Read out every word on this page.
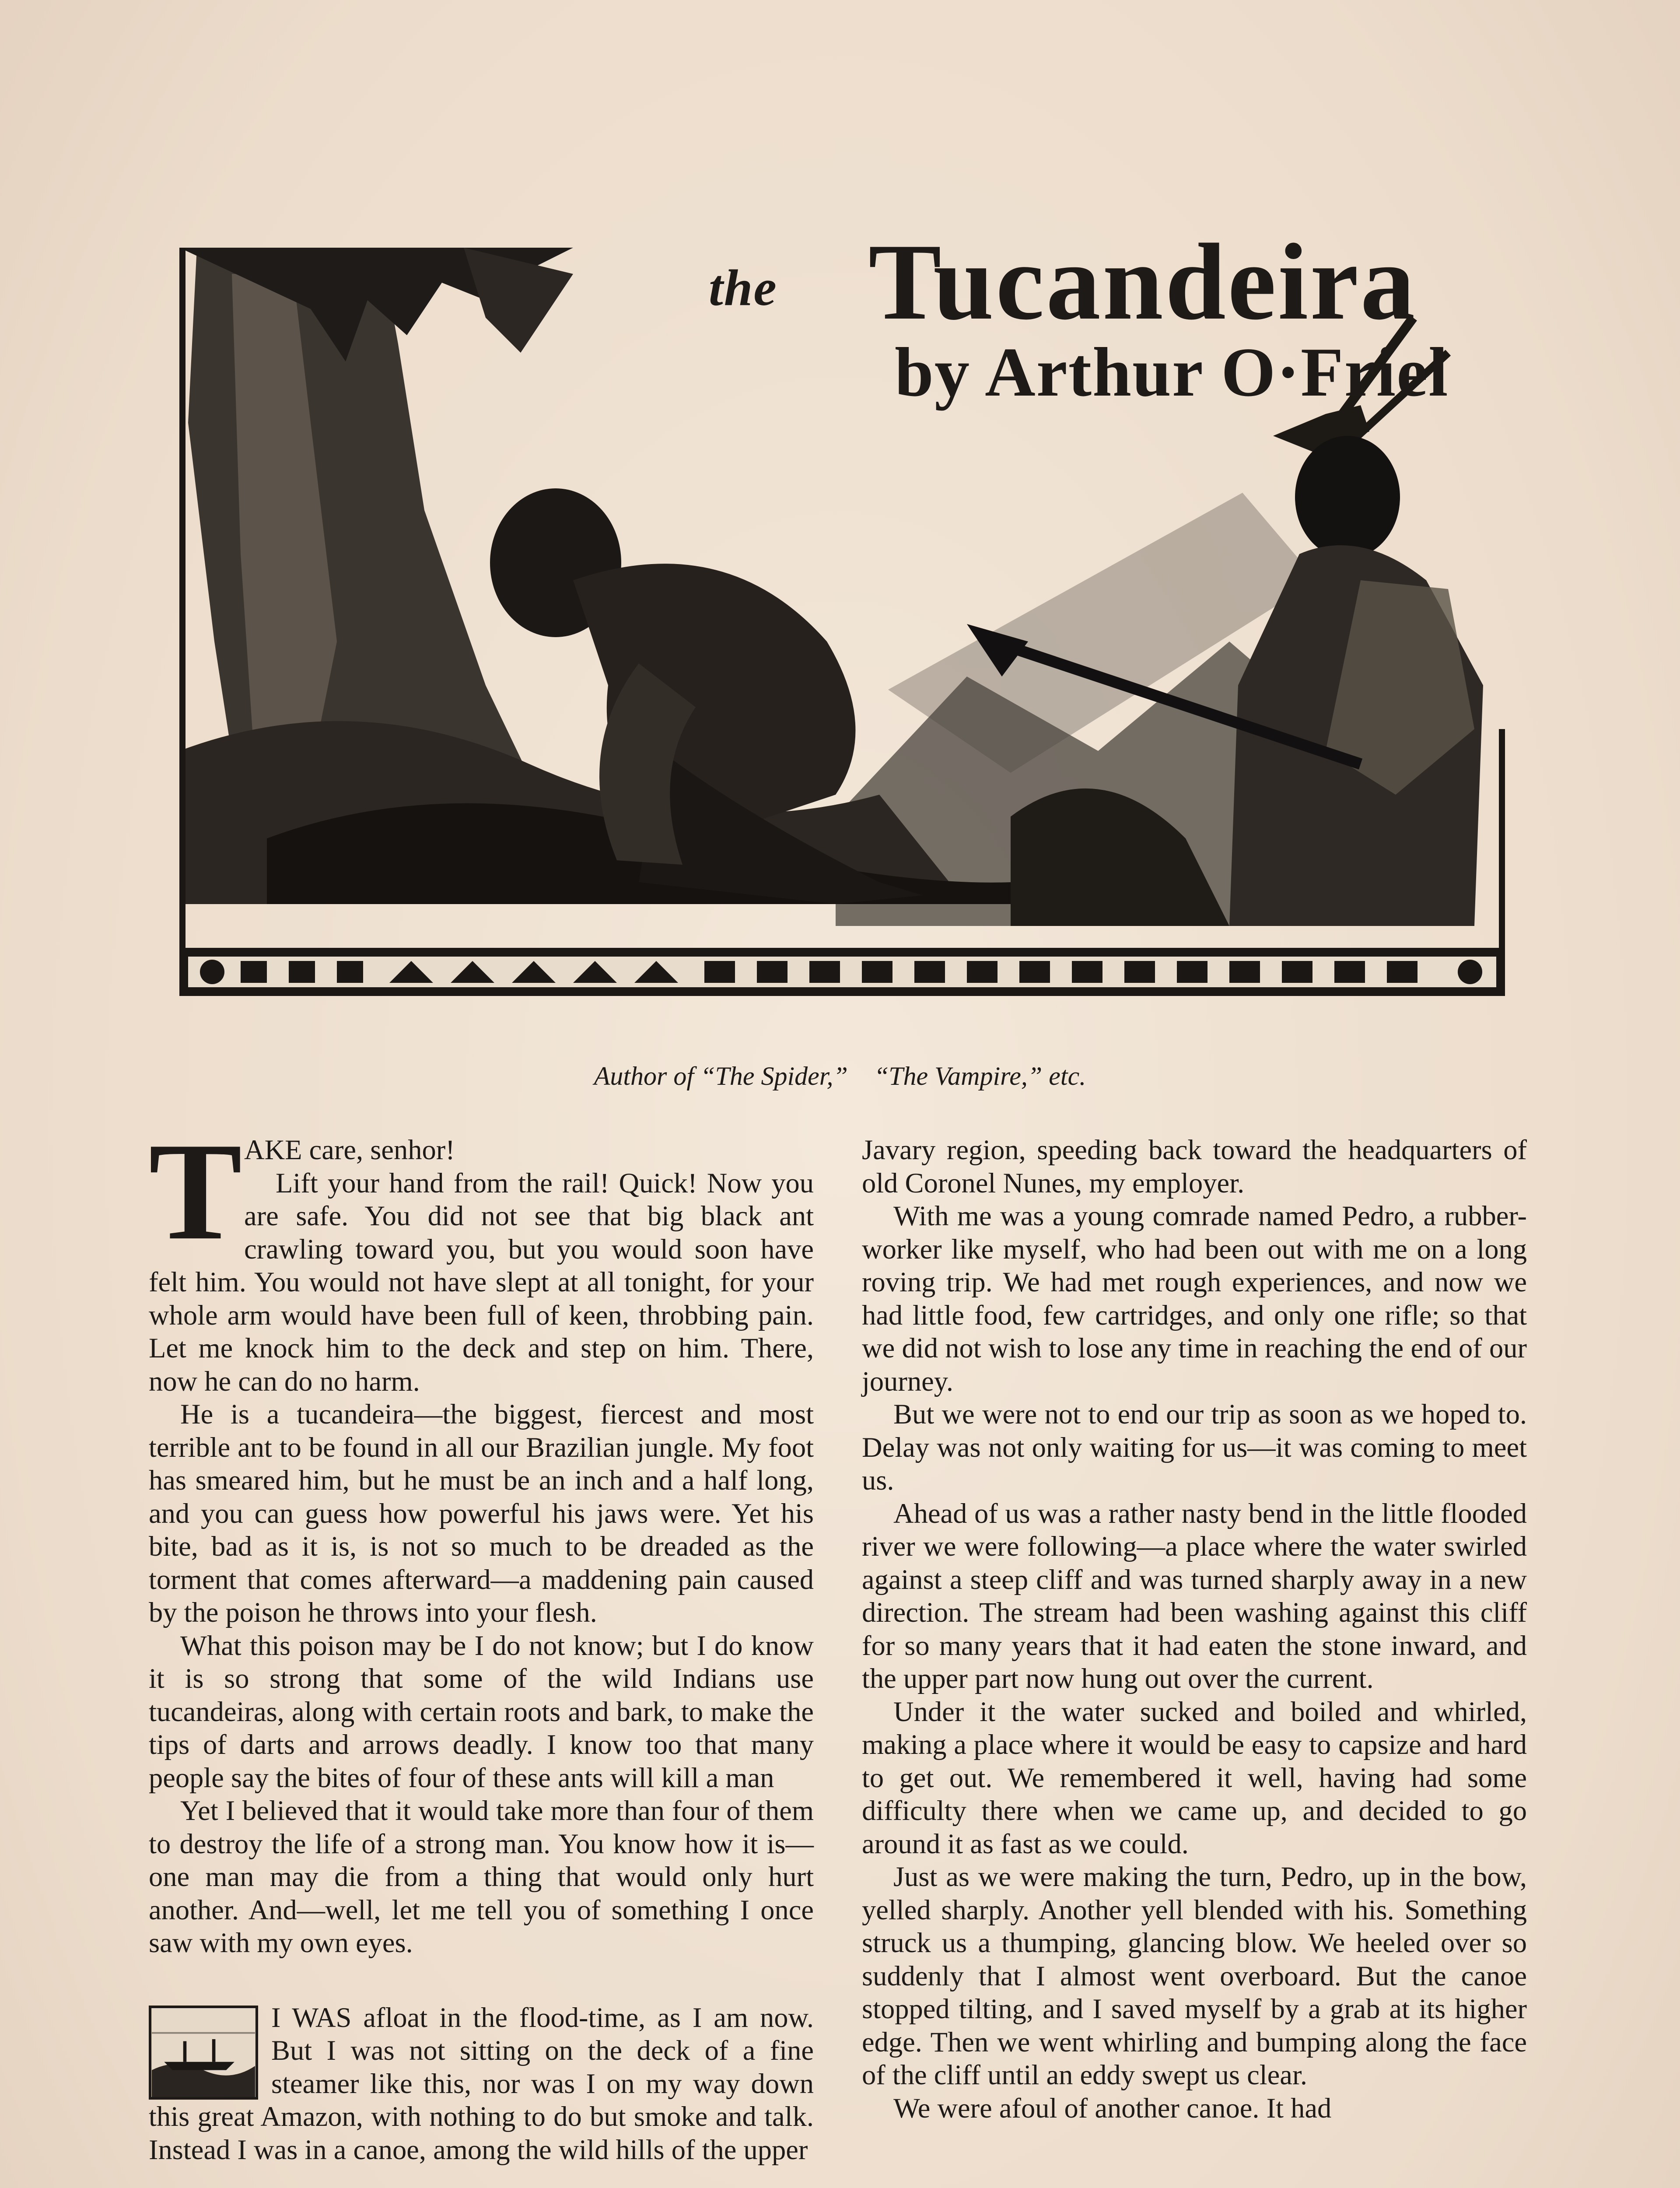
the Tucandeira
by Arthur O·Friel
Author of “The Spider,”    “The Vampire,” etc.
T AKE care, senhor!

Lift your hand from the rail! Quick! Now you are safe. You did not see that big black ant crawling toward you, but you would soon have felt him. You would not have slept at all tonight, for your whole arm would have been full of keen, throbbing pain. Let me knock him to the deck and step on him. There, now he can do no harm.

He is a tucandeira—the biggest, fiercest and most terrible ant to be found in all our Brazilian jungle. My foot has smeared him, but he must be an inch and a half long, and you can guess how powerful his jaws were. Yet his bite, bad as it is, is not so much to be dreaded as the torment that comes afterward—a maddening pain caused by the poison he throws into your flesh.

What this poison may be I do not know; but I do know it is so strong that some of the wild Indians use tucandeiras, along with certain roots and bark, to make the tips of darts and arrows deadly. I know too that many people say the bites of four of these ants will kill a man

Yet I believed that it would take more than four of them to destroy the life of a strong man. You know how it is—one man may die from a thing that would only hurt another. And—well, let me tell you of something I once saw with my own eyes.

I WAS afloat in the flood-time, as I am now. But I was not sitting on the deck of a fine steamer like this, nor was I on my way down this great Amazon, with nothing to do but smoke and talk. Instead I was in a canoe, among the wild hills of the upper

Javary region, speeding back toward the headquarters of old Coronel Nunes, my employer.

With me was a young comrade named Pedro, a rubber-worker like myself, who had been out with me on a long roving trip. We had met rough experiences, and now we had little food, few cartridges, and only one rifle; so that we did not wish to lose any time in reaching the end of our journey.

But we were not to end our trip as soon as we hoped to. Delay was not only waiting for us—it was coming to meet us.

Ahead of us was a rather nasty bend in the little flooded river we were following—a place where the water swirled against a steep cliff and was turned sharply away in a new direction. The stream had been washing against this cliff for so many years that it had eaten the stone inward, and the upper part now hung out over the current.

Under it the water sucked and boiled and whirled, making a place where it would be easy to capsize and hard to get out. We remembered it well, having had some difficulty there when we came up, and decided to go around it as fast as we could.

Just as we were making the turn, Pedro, up in the bow, yelled sharply. Another yell blended with his. Something struck us a thumping, glancing blow. We heeled over so suddenly that I almost went overboard. But the canoe stopped tilting, and I saved myself by a grab at its higher edge. Then we went whirling and bumping along the face of the cliff until an eddy swept us clear.

We were afoul of another canoe. It had
